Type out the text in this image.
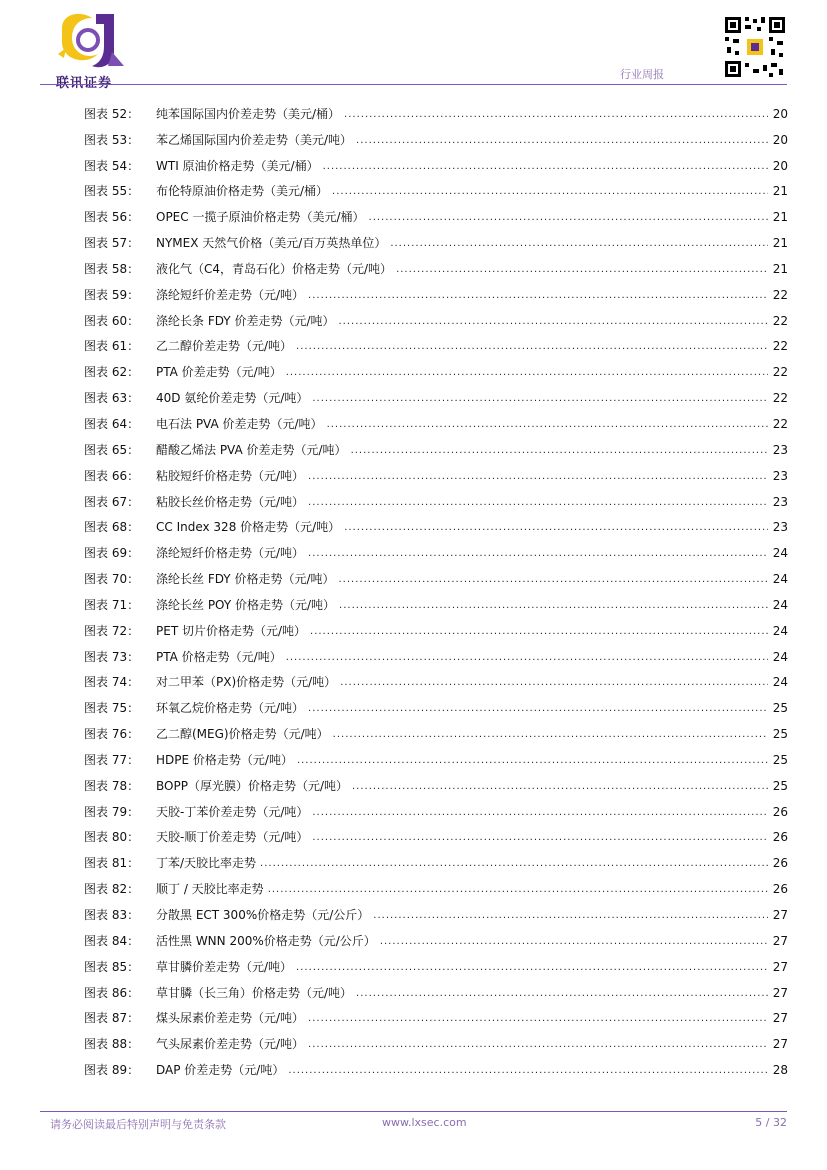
联讯证券
行业周报
图表 52：	纯苯国际国内价差走势（美元/桶） .....	20
图表 53：	苯乙烯国际国内价差走势（美元/吨） .....	20
图表 54：	WTI 原油价格走势（美元/桶） .....	20
图表 55：	布伦特原油价格走势（美元/桶） .....	21
图表 56：	OPEC 一揽子原油价格走势（美元/桶） .....	21
图表 57：	NYMEX 天然气价格（美元/百万英热单位） .....	21
图表 58：	液化气（C4，青岛石化）价格走势（元/吨） .....	21
图表 59：	涤纶短纤价差走势（元/吨） .....	22
图表 60：	涤纶长条 FDY 价差走势（元/吨） .....	22
图表 61：	乙二醇价差走势（元/吨） .....	22
图表 62：	PTA 价差走势（元/吨） .....	22
图表 63：	40D 氨纶价差走势（元/吨） .....	22
图表 64：	电石法 PVA 价差走势（元/吨） .....	22
图表 65：	醋酸乙烯法 PVA 价差走势（元/吨） .....	23
图表 66：	粘胶短纤价格走势（元/吨） .....	23
图表 67：	粘胶长丝价格走势（元/吨） .....	23
图表 68：	CC Index 328 价格走势（元/吨） .....	23
图表 69：	涤纶短纤价格走势（元/吨） .....	24
图表 70：	涤纶长丝 FDY 价格走势（元/吨） .....	24
图表 71：	涤纶长丝 POY 价格走势（元/吨） .....	24
图表 72：	PET 切片价格走势（元/吨） .....	24
图表 73：	PTA 价格走势（元/吨） .....	24
图表 74：	对二甲苯（PX)价格走势（元/吨） .....	24
图表 75：	环氧乙烷价格走势（元/吨） .....	25
图表 76：	乙二醇(MEG)价格走势（元/吨） .....	25
图表 77：	HDPE 价格走势（元/吨） .....	25
图表 78：	BOPP（厚光膜）价格走势（元/吨） .....	25
图表 79：	天胶-丁苯价差走势（元/吨） .....	26
图表 80：	天胶-顺丁价差走势（元/吨） .....	26
图表 81：	丁苯/天胶比率走势 .....	26
图表 82：	顺丁 / 天胶比率走势 .....	26
图表 83：	分散黑 ECT 300%价格走势（元/公斤） .....	27
图表 84：	活性黑 WNN 200%价格走势（元/公斤） .....	27
图表 85：	草甘膦价差走势（元/吨） .....	27
图表 86：	草甘膦（长三角）价格走势（元/吨） .....	27
图表 87：	煤头尿素价差走势（元/吨） .....	27
图表 88：	气头尿素价差走势（元/吨） .....	27
图表 89：	DAP 价差走势（元/吨） .....	28
请务必阅读最后特别声明与免责条款	www.lxsec.com	5 / 32
